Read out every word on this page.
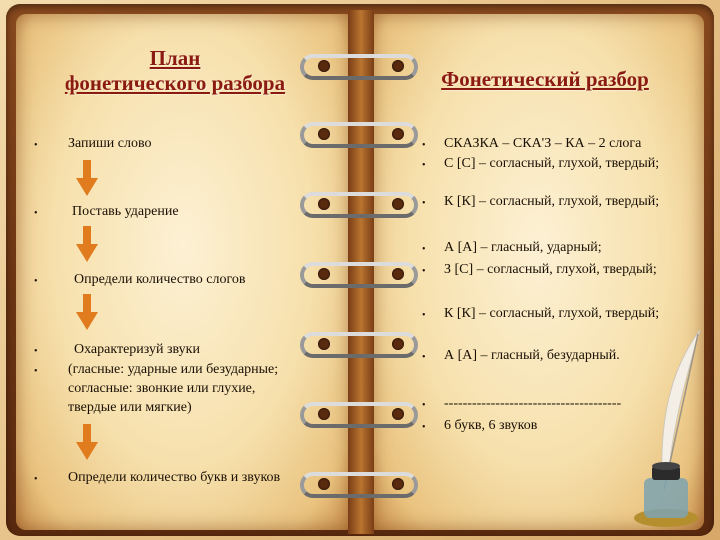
План
фонетического разбора
• Запиши слово
• Поставь ударение
•	Определи количество слогов
•	Охарактеризуй звуки
• (гласные: ударные или безударные; согласные: звонкие или глухие, твердые или мягкие)
• Определи количество букв и звуков
Фонетический разбор
• СКАЗКА – СКА'З – КА – 2 слога
• С [С] – согласный, глухой, твердый;
• К [К] – согласный, глухой, твердый;
• А [А] – гласный, ударный;
• З [С] – согласный, глухой, твердый;
• К [К] – согласный, глухой, твердый;
• А [А] – гласный, безударный.
• --------------------------------------
• 6 букв, 6 звуков
